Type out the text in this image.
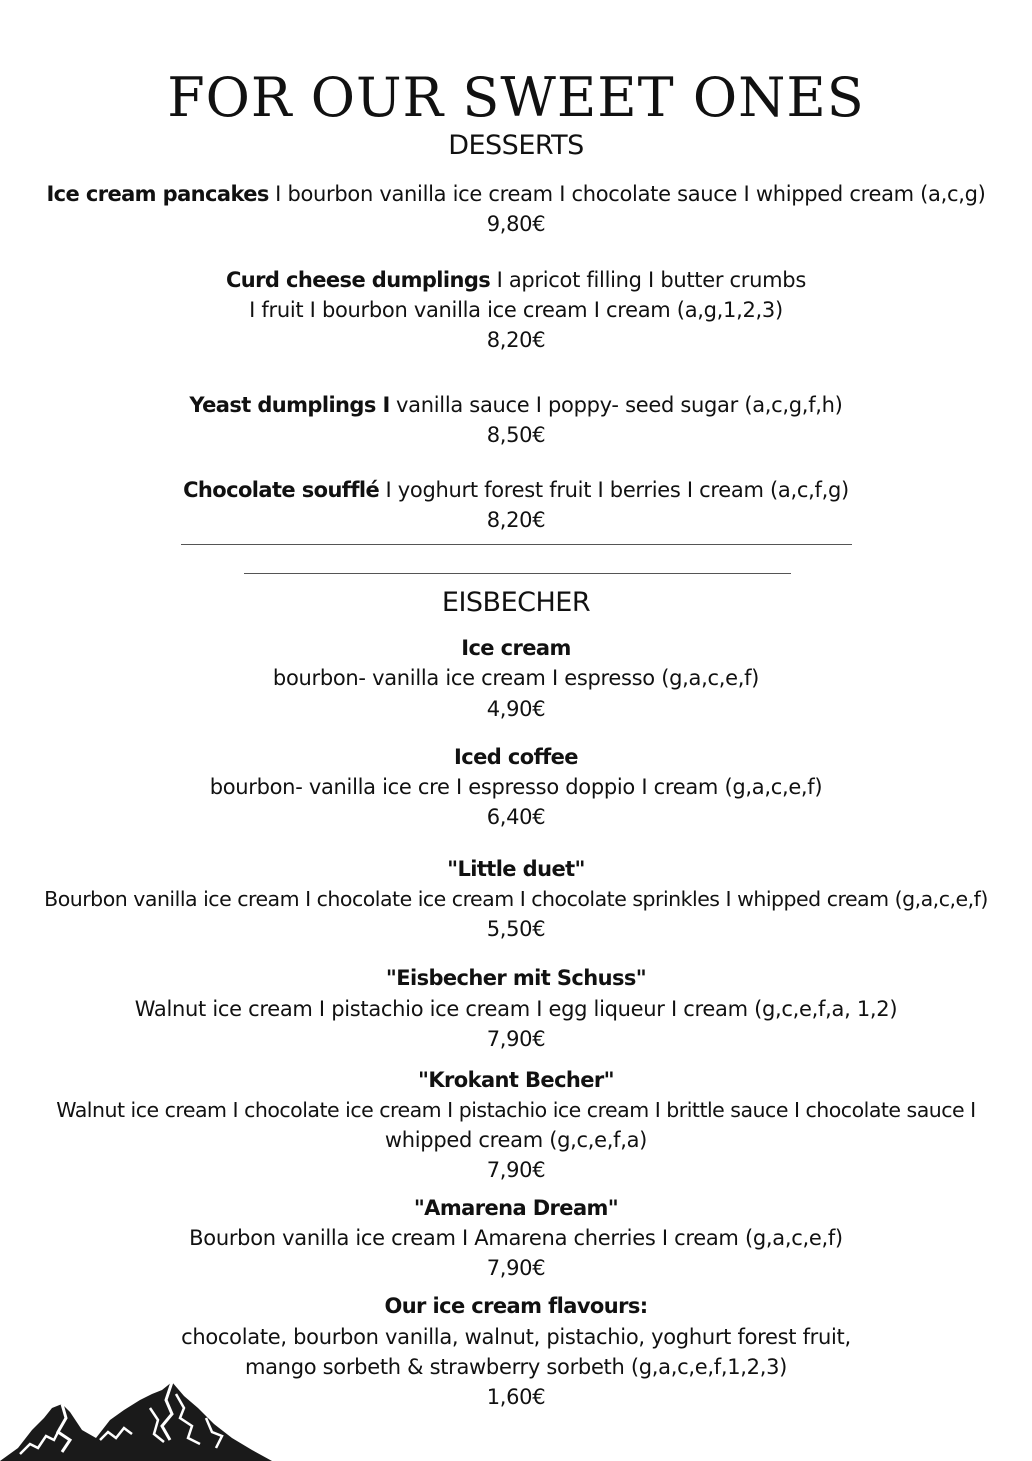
FOR OUR SWEET ONES
DESSERTS
Ice cream pancakes I bourbon vanilla ice cream I chocolate sauce I whipped cream (a,c,g)
9,80€
Curd cheese dumplings I apricot filling I butter crumbs
I fruit I bourbon vanilla ice cream I cream (a,g,1,2,3)
8,20€
Yeast dumplings I vanilla sauce I poppy- seed sugar (a,c,g,f,h)
8,50€
Chocolate soufflé I yoghurt forest fruit I berries I cream (a,c,f,g)
8,20€
EISBECHER
Ice cream
bourbon- vanilla ice cream I espresso (g,a,c,e,f)
4,90€
Iced coffee
bourbon- vanilla ice cre I espresso doppio I cream (g,a,c,e,f)
6,40€
"Little duet"
Bourbon vanilla ice cream I chocolate ice cream I chocolate sprinkles I whipped cream (g,a,c,e,f)
5,50€
"Eisbecher mit Schuss"
Walnut ice cream I pistachio ice cream I egg liqueur I cream (g,c,e,f,a, 1,2)
7,90€
"Krokant Becher"
Walnut ice cream I chocolate ice cream I pistachio ice cream I brittle sauce I chocolate sauce I
whipped cream (g,c,e,f,a)
7,90€
"Amarena Dream"
Bourbon vanilla ice cream I Amarena cherries I cream (g,a,c,e,f)
7,90€
Our ice cream flavours:
chocolate, bourbon vanilla, walnut, pistachio, yoghurt forest fruit,
mango sorbeth & strawberry sorbeth (g,a,c,e,f,1,2,3)
1,60€
